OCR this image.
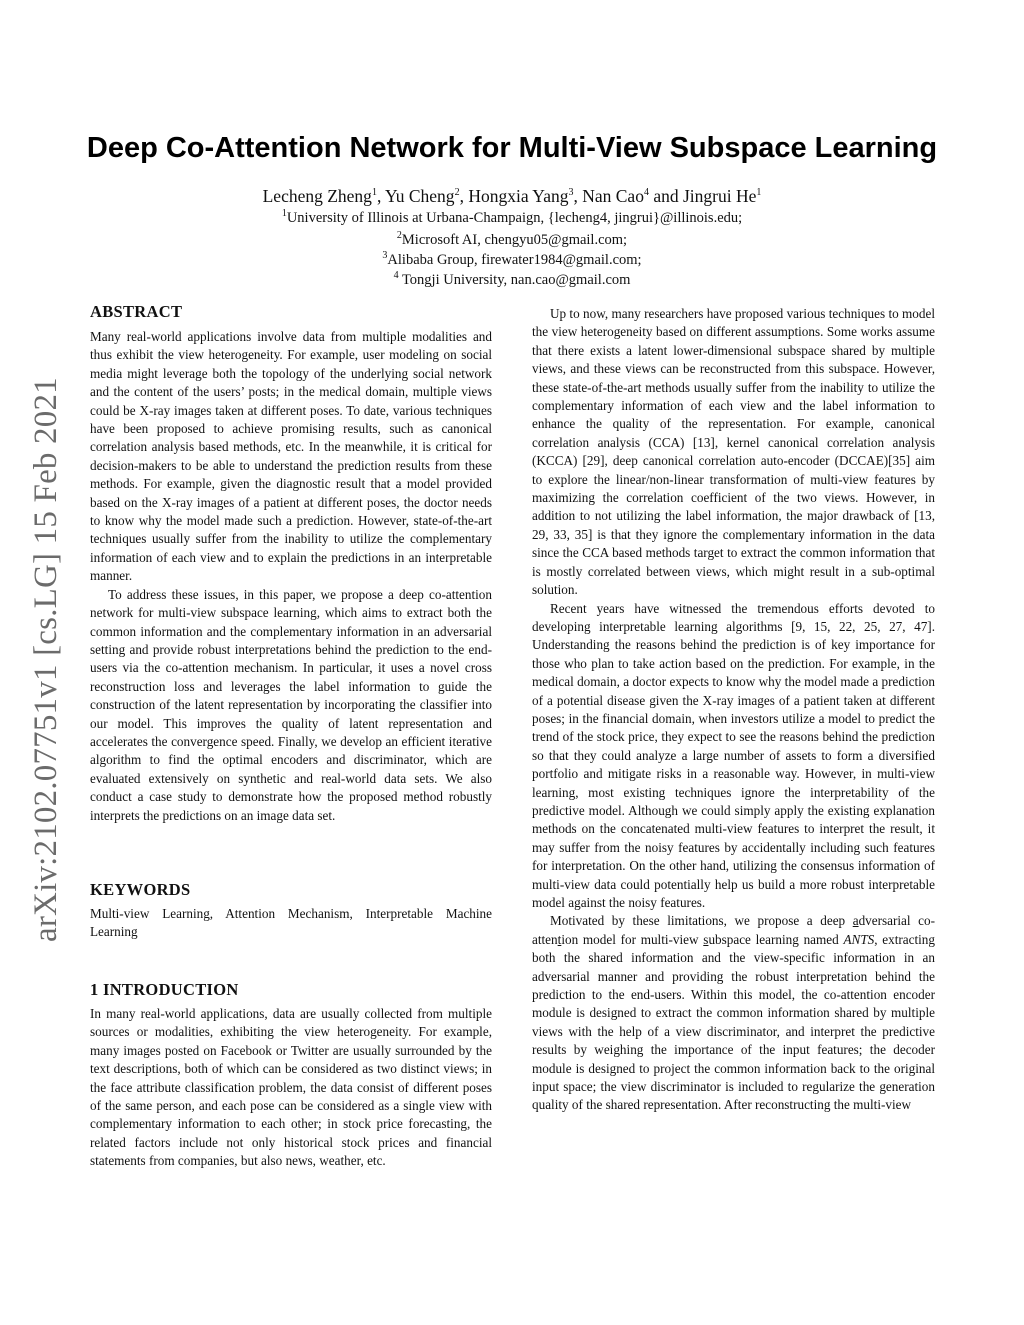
arXiv:2102.07751v1 [cs.LG] 15 Feb 2021
Deep Co-Attention Network for Multi-View Subspace Learning
Lecheng Zheng$^1$, Yu Cheng$^2$, Hongxia Yang$^3$, Nan Cao$^4$ and Jingrui He$^1$
$^1$University of Illinois at Urbana-Champaign, {lecheng4, jingrui}@illinois.edu;
$^2$Microsoft AI, chengyu05@gmail.com;
$^3$Alibaba Group, firewater1984@gmail.com;
$^4$ Tongji University, nan.cao@gmail.com
ABSTRACT

Many real-world applications involve data from multiple modalities and thus exhibit the view heterogeneity. For example, user modeling on social media might leverage both the topology of the underlying social network and the content of the users’ posts; in the medical domain, multiple views could be X-ray images taken at different poses. To date, various techniques have been proposed to achieve promising results, such as canonical correlation analysis based methods, etc. In the meanwhile, it is critical for decision-makers to be able to understand the prediction results from these methods. For example, given the diagnostic result that a model provided based on the X-ray images of a patient at different poses, the doctor needs to know why the model made such a prediction. However, state-of-the-art techniques usually suffer from the inability to utilize the complementary information of each view and to explain the predictions in an interpretable manner.

To address these issues, in this paper, we propose a deep co-attention network for multi-view subspace learning, which aims to extract both the common information and the complementary information in an adversarial setting and provide robust interpretations behind the prediction to the end-users via the co-attention mechanism. In particular, it uses a novel cross reconstruction loss and leverages the label information to guide the construction of the latent representation by incorporating the classifier into our model. This improves the quality of latent representation and accelerates the convergence speed. Finally, we develop an efficient iterative algorithm to find the optimal encoders and discriminator, which are evaluated extensively on synthetic and real-world data sets. We also conduct a case study to demonstrate how the proposed method robustly interprets the predictions on an image data set.

KEYWORDS

Multi-view Learning, Attention Mechanism, Interpretable Machine Learning

1 INTRODUCTION

In many real-world applications, data are usually collected from multiple sources or modalities, exhibiting the view heterogeneity. For example, many images posted on Facebook or Twitter are usually surrounded by the text descriptions, both of which can be considered as two distinct views; in the face attribute classification problem, the data consist of different poses of the same person, and each pose can be considered as a single view with complementary information to each other; in stock price forecasting, the related factors include not only historical stock prices and financial statements from companies, but also news, weather, etc.

Up to now, many researchers have proposed various techniques to model the view heterogeneity based on different assumptions. Some works assume that there exists a latent lower-dimensional subspace shared by multiple views, and these views can be reconstructed from this subspace. However, these state-of-the-art methods usually suffer from the inability to utilize the complementary information of each view and the label information to enhance the quality of the representation. For example, canonical correlation analysis (CCA) [13], kernel canonical correlation analysis (KCCA) [29], deep canonical correlation auto-encoder (DCCAE)[35] aim to explore the linear/non-linear transformation of multi-view features by maximizing the correlation coefficient of the two views. However, in addition to not utilizing the label information, the major drawback of [13, 29, 33, 35] is that they ignore the complementary information in the data since the CCA based methods target to extract the common information that is mostly correlated between views, which might result in a sub-optimal solution.

Recent years have witnessed the tremendous efforts devoted to developing interpretable learning algorithms [9, 15, 22, 25, 27, 47]. Understanding the reasons behind the prediction is of key importance for those who plan to take action based on the prediction. For example, in the medical domain, a doctor expects to know why the model made a prediction of a potential disease given the X-ray images of a patient taken at different poses; in the financial domain, when investors utilize a model to predict the trend of the stock price, they expect to see the reasons behind the prediction so that they could analyze a large number of assets to form a diversified portfolio and mitigate risks in a reasonable way. However, in multi-view learning, most existing techniques ignore the interpretability of the predictive model. Although we could simply apply the existing explanation methods on the concatenated multi-view features to interpret the result, it may suffer from the noisy features by accidentally including such features for interpretation. On the other hand, utilizing the consensus information of multi-view data could potentially help us build a more robust interpretable model against the noisy features.

Motivated by these limitations, we propose a deep adversarial co-attention model for multi-view subspace learning named ANTS, extracting both the shared information and the view-specific information in an adversarial manner and providing the robust interpretation behind the prediction to the end-users. Within this model, the co-attention encoder module is designed to extract the common information shared by multiple views with the help of a view discriminator, and interpret the predictive results by weighing the importance of the input features; the decoder module is designed to project the common information back to the original input space; the view discriminator is included to regularize the generation quality of the shared representation. After reconstructing the multi-view
